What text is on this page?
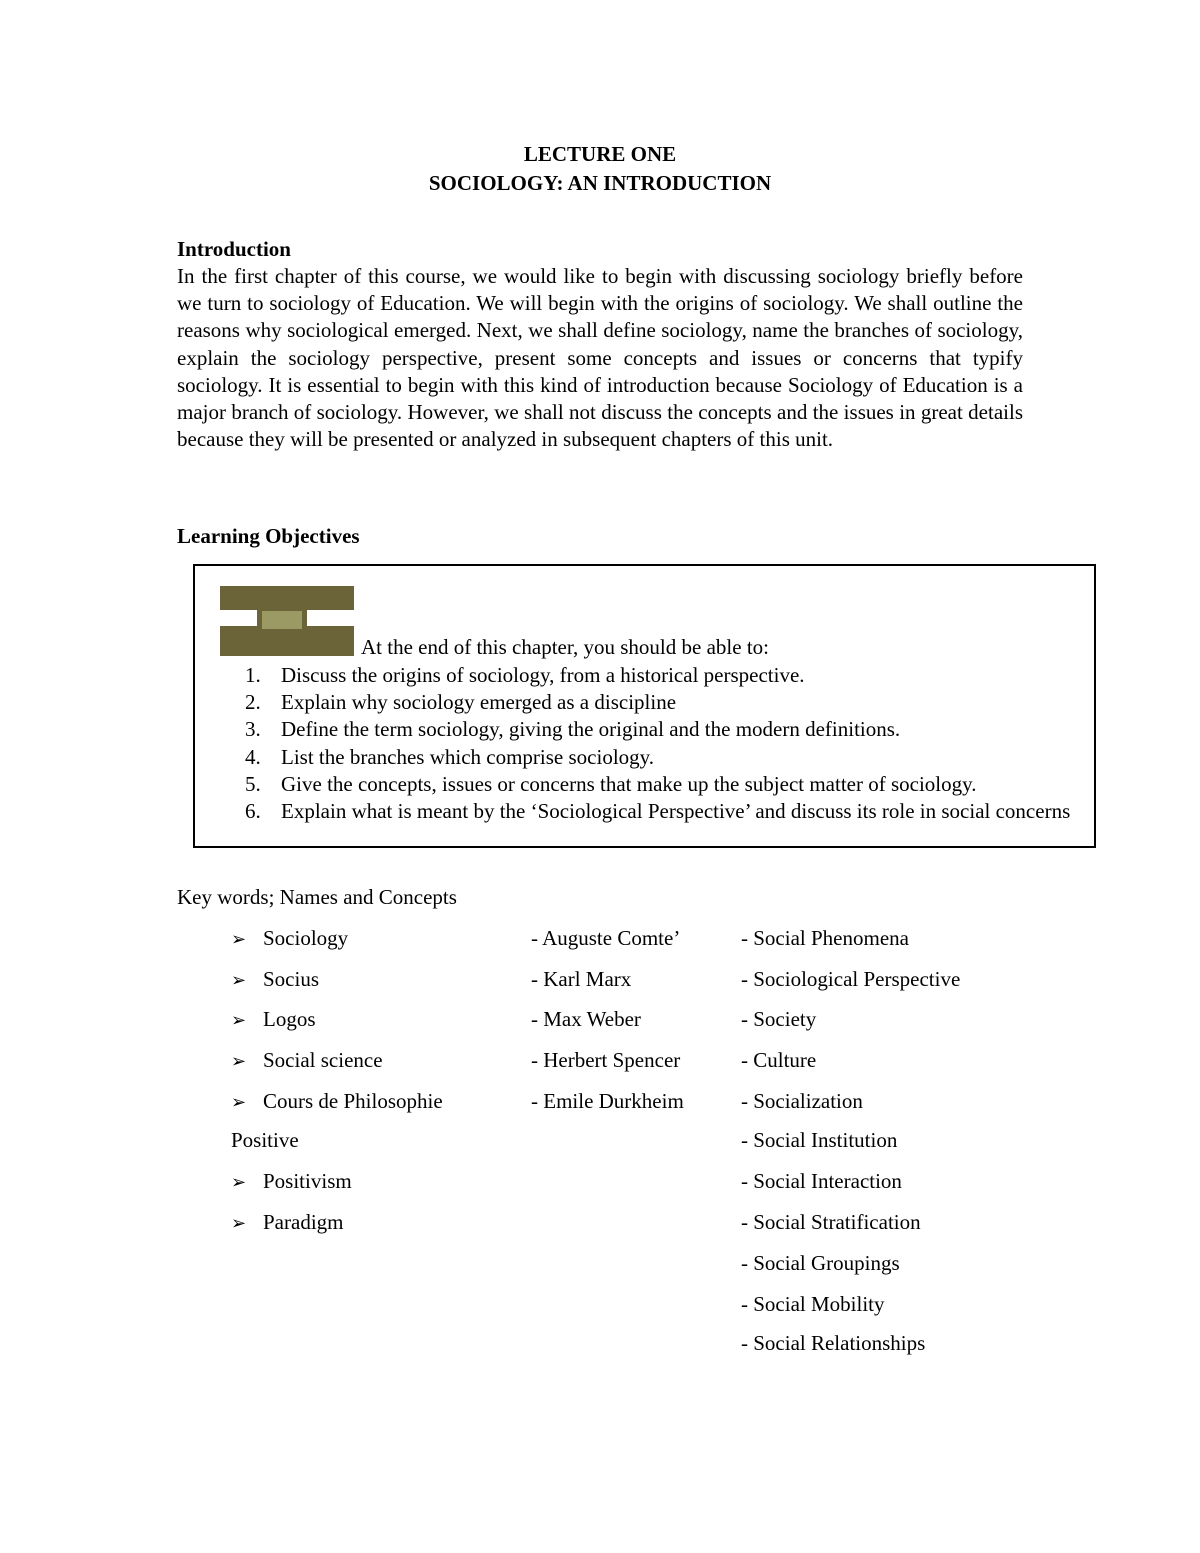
LECTURE ONE
SOCIOLOGY: AN INTRODUCTION
Introduction
In the first chapter of this course, we would like to begin with discussing sociology briefly before we turn to sociology of Education. We will begin with the origins of sociology. We shall outline the reasons why sociological emerged. Next, we shall define sociology, name the branches of sociology, explain the sociology perspective, present some concepts and issues or concerns that typify sociology. It is essential to begin with this kind of introduction because Sociology of Education is a major branch of sociology. However, we shall not discuss the concepts and the issues in great details because they will be presented or analyzed in subsequent chapters of this unit.
Learning Objectives
At the end of this chapter, you should be able to:
1. Discuss the origins of sociology, from a historical perspective.
2. Explain why sociology emerged as a discipline
3. Define the term sociology, giving the original and the modern definitions.
4. List the branches which comprise sociology.
5. Give the concepts, issues or concerns that make up the subject matter of sociology.
6. Explain what is meant by the ‘Sociological Perspective’ and discuss its role in social concerns
Key words; Names and Concepts
➢ Sociology
➢ Socius
➢ Logos
➢ Social science
➢ Cours de Philosophie
Positive
➢ Positivism
➢ Paradigm
- Auguste Comte’
- Karl Marx
- Max Weber
- Herbert Spencer
- Emile Durkheim
- Social Phenomena
- Sociological Perspective
- Society
- Culture
- Socialization
- Social Institution
- Social Interaction
- Social Stratification
- Social Groupings
- Social Mobility
- Social Relationships
